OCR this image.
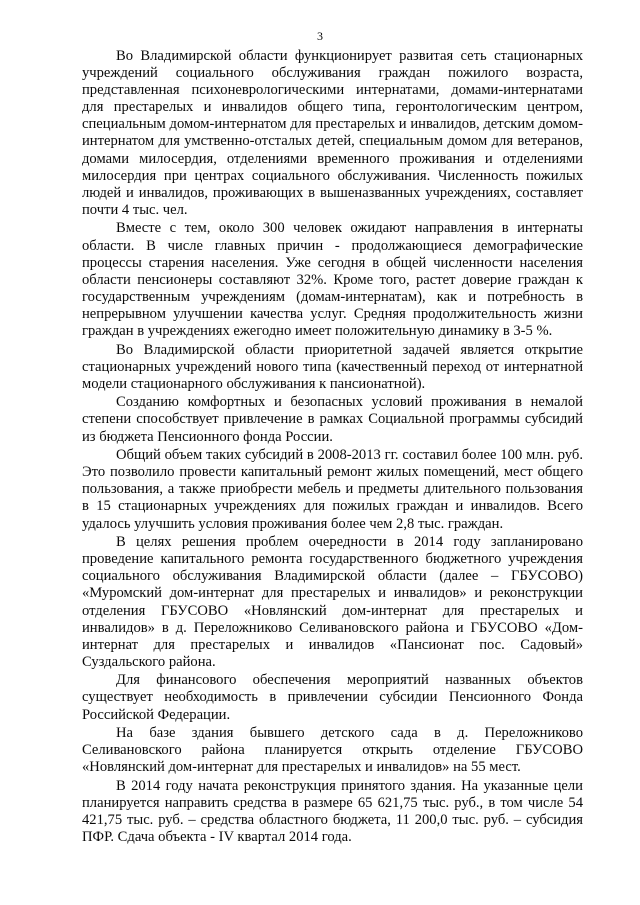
3

Во Владимирской области функционирует развитая сеть стационарных учреждений социального обслуживания граждан пожилого возраста, представленная психоневрологическими интернатами, домами-интернатами для престарелых и инвалидов общего типа, геронтологическим центром, специальным домом-интернатом для престарелых и инвалидов, детским домом-интернатом для умственно-отсталых детей, специальным домом для ветеранов, домами милосердия, отделениями временного проживания и отделениями милосердия при центрах социального обслуживания. Численность пожилых людей и инвалидов, проживающих в вышеназванных учреждениях, составляет почти 4 тыс. чел.

Вместе с тем, около 300 человек ожидают направления в интернаты области. В числе главных причин - продолжающиеся демографические процессы старения населения. Уже сегодня в общей численности населения области пенсионеры составляют 32%. Кроме того, растет доверие граждан к государственным учреждениям (домам-интернатам), как и потребность в непрерывном улучшении качества услуг. Средняя продолжительность жизни граждан в учреждениях ежегодно имеет положительную динамику в 3-5 %.

Во Владимирской области приоритетной задачей является открытие стационарных учреждений нового типа (качественный переход от интернатной модели стационарного обслуживания к пансионатной).

Созданию комфортных и безопасных условий проживания в немалой степени способствует привлечение в рамках Социальной программы субсидий из бюджета Пенсионного фонда России.

Общий объем таких субсидий в 2008-2013 гг. составил более 100 млн. руб. Это позволило провести капитальный ремонт жилых помещений, мест общего пользования, а также приобрести мебель и предметы длительного пользования в 15 стационарных учреждениях для пожилых граждан и инвалидов. Всего удалось улучшить условия проживания более чем 2,8 тыс. граждан.

В целях решения проблем очередности в 2014 году запланировано проведение капитального ремонта государственного бюджетного учреждения социального обслуживания Владимирской области (далее – ГБУСОВО) «Муромский дом-интернат для престарелых и инвалидов» и реконструкции отделения ГБУСОВО «Новлянский дом-интернат для престарелых и инвалидов» в д. Переложниково Селивановского района и ГБУСОВО «Дом-интернат для престарелых и инвалидов «Пансионат пос. Садовый» Суздальского района.

Для финансового обеспечения мероприятий названных объектов существует необходимость в привлечении субсидии Пенсионного Фонда Российской Федерации.

На базе здания бывшего детского сада в д. Переложниково Селивановского района планируется открыть отделение ГБУСОВО «Новлянский дом-интернат для престарелых и инвалидов» на 55 мест.

В 2014 году начата реконструкция принятого здания. На указанные цели планируется направить средства в размере 65 621,75 тыс. руб., в том числе 54 421,75 тыс. руб. – средства областного бюджета, 11 200,0 тыс. руб. – субсидия ПФР. Сдача объекта - IV квартал 2014 года.
